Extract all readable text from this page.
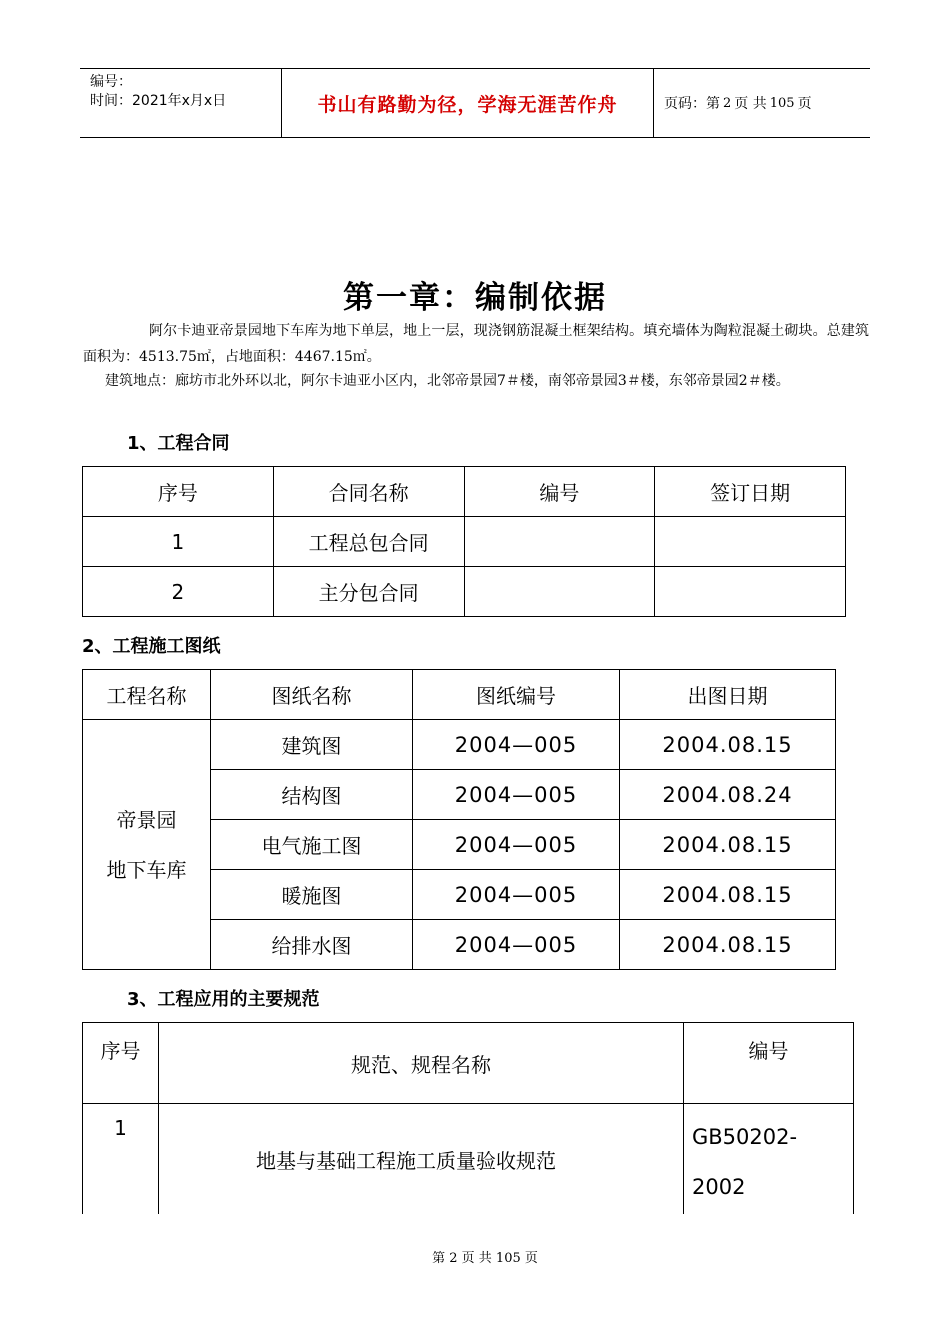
编号：
时间：2021年x月x日	书山有路勤为径，学海无涯苦作舟	页码：第 2 页 共 105 页
第一章：编制依据
阿尔卡迪亚帝景园地下车库为地下单层，地上一层，现浇钢筋混凝土框架结构。填充墙体为陶粒混凝土砌块。总建筑面积为：4513.75㎡，占地面积：4467.15㎡。
建筑地点：廊坊市北外环以北，阿尔卡迪亚小区内，北邻帝景园7＃楼，南邻帝景园3＃楼，东邻帝景园2＃楼。
1、工程合同
序号	合同名称	编号	签订日期
1	工程总包合同		
2	主分包合同		
2、工程施工图纸
工程名称	图纸名称	图纸编号	出图日期

帝景园
地下车库	建筑图	2004—005	2004.08.15
	结构图	2004—005	2004.08.24
	电气施工图	2004—005	2004.08.15
	暖施图	2004—005	2004.08.15
	给排水图	2004—005	2004.08.15
3、工程应用的主要规范
序号	规范、规程名称	编号
1	地基与基础工程施工质量验收规范	GB50202-
2002
第 2 页 共 105 页
